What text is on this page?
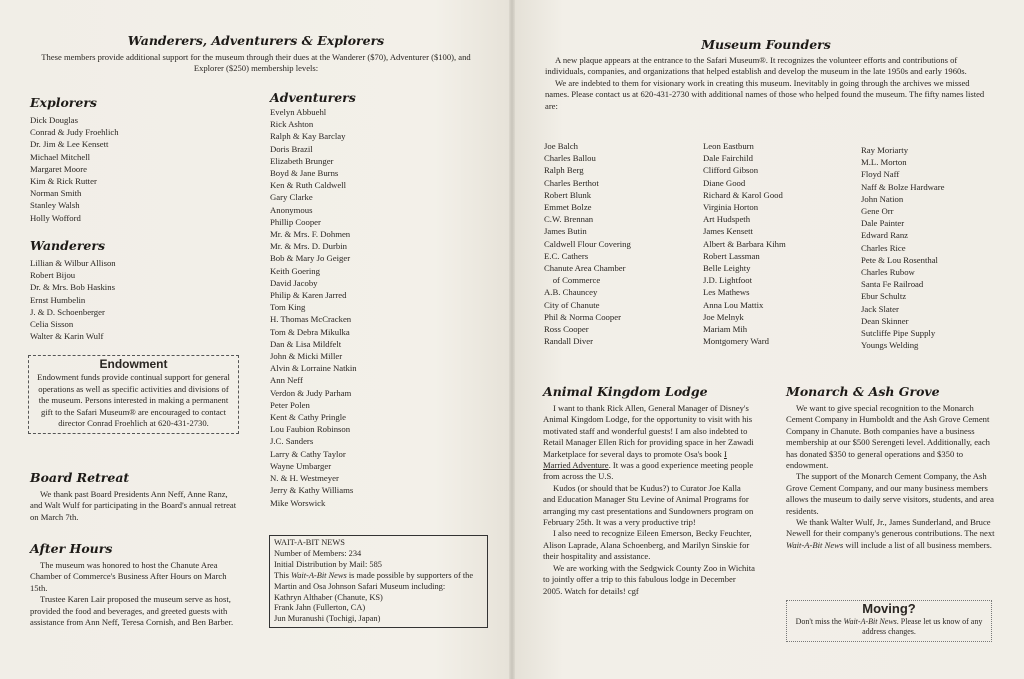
Wanderers, Adventurers & Explorers
These members provide additional support for the museum through their dues at the Wanderer ($70), Adventurer ($100), and Explorer ($250) membership levels:
Explorers
Dick Douglas
Conrad & Judy Froehlich
Dr. Jim & Lee Kensett
Michael Mitchell
Margaret Moore
Kim & Rick Rutter
Norman Smith
Stanley Walsh
Holly Wofford
Wanderers
Lillian & Wilbur Allison
Robert Bijou
Dr. & Mrs. Bob Haskins
Ernst Humbelin
J. & D. Schoenberger
Celia Sisson
Walter & Karin Wulf
Adventurers
Evelyn Abbuehl
Rick Ashton
Ralph & Kay Barclay
Doris Brazil
Elizabeth Brunger
Boyd & Jane Burns
Ken & Ruth Caldwell
Gary Clarke
Anonymous
Phillip Cooper
Mr. & Mrs. F. Dohmen
Mr. & Mrs. D. Durbin
Bob & Mary Jo Geiger
Keith Goering
David Jacoby
Philip & Karen Jarred
Tom King
H. Thomas McCracken
Tom & Debra Mikulka
Dan & Lisa Mildfelt
John & Micki Miller
Alvin & Lorraine Natkin
Ann Neff
Verdon & Judy Parham
Peter Polen
Kent & Cathy Pringle
Lou Faubion Robinson
J.C. Sanders
Larry & Cathy Taylor
Wayne Umbarger
N. & H. Westmeyer
Jerry & Kathy Williams
Mike Worswick
Endowment
Endowment funds provide continual support for general operations as well as specific activities and divisions of the museum. Persons interested in making a permanent gift to the Safari Museum® are encouraged to contact director Conrad Froehlich at 620-431-2730.
Board Retreat

We thank past Board Presidents Ann Neff, Anne Ranz, and Walt Wulf for participating in the Board's annual retreat on March 7th.

After Hours

The museum was honored to host the Chanute Area Chamber of Commerce's Business After Hours on March 15th.

Trustee Karen Lair proposed the museum serve as host, provided the food and beverages, and greeted guests with assistance from Ann Neff, Teresa Cornish, and Ben Barber.

WAIT-A-BIT NEWS
Number of Members: 234
Initial Distribution by Mail: 585
This Wait-A-Bit News is made possible by supporters of the Martin and Osa Johnson Safari Museum including:
Kathryn Althaber (Chanute, KS)
Frank Jahn (Fullerton, CA)
Jun Muranushi (Tochigi, Japan)
Museum Founders

A new plaque appears at the entrance to the Safari Museum®. It recognizes the volunteer efforts and contributions of individuals, companies, and organizations that helped establish and develop the museum in the late 1950s and early 1960s.

We are indebted to them for visionary work in creating this museum. Inevitably in going through the archives we missed names. Please contact us at 620-431-2730 with additional names of those who helped found the museum. The fifty names listed are:

Joe Balch
Charles Ballou
Ralph Berg
Charles Berthot
Robert Blunk
Emmet Bolze
C.W. Brennan
James Butin
Caldwell Flour Covering
E.C. Cathers
Chanute Area Chamber
of Commerce
A.B. Chauncey
City of Chanute
Phil & Norma Cooper
Ross Cooper
Randall Diver
Leon Eastburn
Dale Fairchild
Clifford Gibson
Diane Good
Richard & Karol Good
Virginia Horton
Art Hudspeth
James Kensett
Albert & Barbara Kihm
Robert Lassman
Belle Leighty
J.D. Lightfoot
Les Mathews
Anna Lou Mattix
Joe Melnyk
Mariam Mih
Montgomery Ward
Ray Moriarty
M.L. Morton
Floyd Naff
Naff & Bolze Hardware
John Nation
Gene Orr
Dale Painter
Edward Ranz
Charles Rice
Pete & Lou Rosenthal
Charles Rubow
Santa Fe Railroad
Ebur Schultz
Jack Slater
Dean Skinner
Sutcliffe Pipe Supply
Youngs Welding
Animal Kingdom Lodge

I want to thank Rick Allen, General Manager of Disney's Animal Kingdom Lodge, for the opportunity to visit with his motivated staff and wonderful guests! I am also indebted to Retail Manager Ellen Rich for providing space in her Zawadi Marketplace for several days to promote Osa's book I Married Adventure. It was a good experience meeting people from across the U.S.

Kudos (or should that be Kudus?) to Curator Joe Kalla and Education Manager Stu Levine of Animal Programs for arranging my cast presentations and Sundowners program on February 25th. It was a very productive trip!

I also need to recognize Eileen Emerson, Becky Feuchter, Alison Laprade, Alana Schoenberg, and Marilyn Sinskie for their hospitality and assistance.

We are working with the Sedgwick County Zoo in Wichita to jointly offer a trip to this fabulous lodge in December 2005. Watch for details! cgf

Monarch & Ash Grove

We want to give special recognition to the Monarch Cement Company in Humboldt and the Ash Grove Cement Company in Chanute. Both companies have a business membership at our $500 Serengeti level. Additionally, each has donated $350 to general operations and $350 to endowment.

The support of the Monarch Cement Company, the Ash Grove Cement Company, and our many business members allows the museum to daily serve visitors, students, and area residents.

We thank Walter Wulf, Jr., James Sunderland, and Bruce Newell for their company's generous contributions. The next Wait-A-Bit News will include a list of all business members.

Moving?
Don't miss the Wait-A-Bit News. Please let us know of any address changes.
